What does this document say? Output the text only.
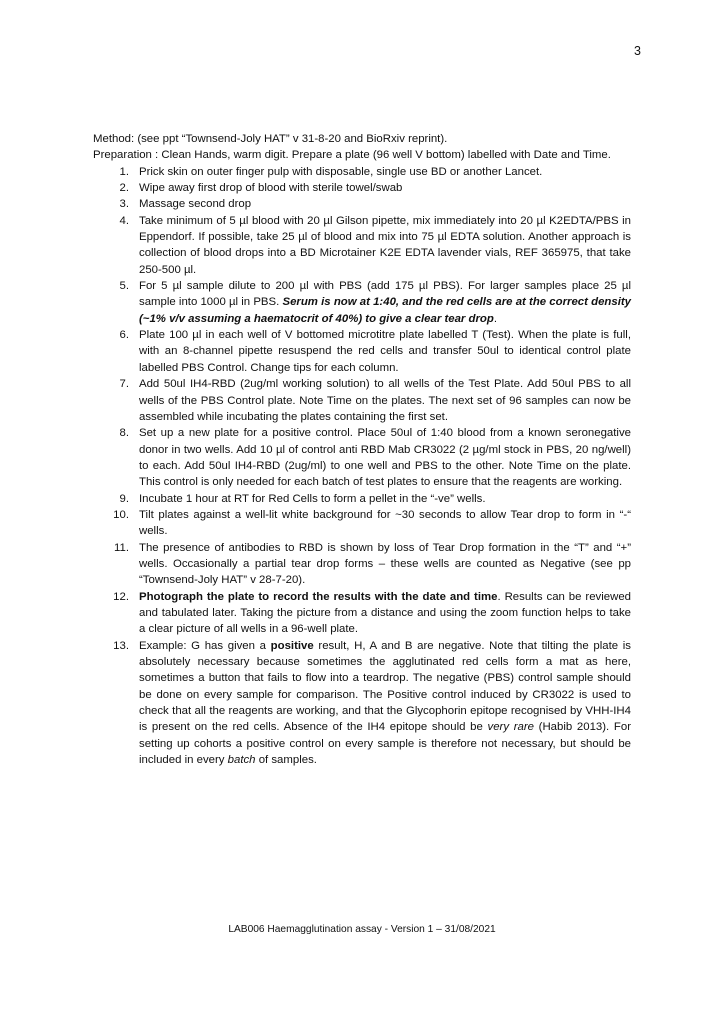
3

Method: (see ppt “Townsend-Joly HAT” v 31-8-20 and BioRxiv reprint).

Preparation : Clean Hands, warm digit. Prepare a plate (96 well V bottom) labelled with Date and Time.

1. Prick skin on outer finger pulp with disposable, single use BD or another Lancet.
2. Wipe away first drop of blood with sterile towel/swab
3. Massage second drop
4. Take minimum of 5 µl blood with 20 µl Gilson pipette, mix immediately into 20 µl K2EDTA/PBS in Eppendorf. If possible, take 25 µl of blood and mix into 75 µl EDTA solution. Another approach is collection of blood drops into a BD Microtainer K2E EDTA lavender vials, REF 365975, that take 250-500 µl.
5. For 5 µl sample dilute to 200 µl with PBS (add 175 µl PBS). For larger samples place 25 µl sample into 1000 µl in PBS. Serum is now at 1:40, and the red cells are at the correct density (~1% v/v assuming a haematocrit of 40%) to give a clear tear drop.
6. Plate 100 µl in each well of V bottomed microtitre plate labelled T (Test). When the plate is full, with an 8-channel pipette resuspend the red cells and transfer 50ul to identical control plate labelled PBS Control. Change tips for each column.
7. Add 50ul IH4-RBD (2ug/ml working solution) to all wells of the Test Plate. Add 50ul PBS to all wells of the PBS Control plate. Note Time on the plates. The next set of 96 samples can now be assembled while incubating the plates containing the first set.
8. Set up a new plate for a positive control. Place 50ul of 1:40 blood from a known seronegative donor in two wells. Add 10 µl of control anti RBD Mab CR3022 (2 µg/ml stock in PBS, 20 ng/well) to each. Add 50ul IH4-RBD (2ug/ml) to one well and PBS to the other. Note Time on the plate. This control is only needed for each batch of test plates to ensure that the reagents are working.
9. Incubate 1 hour at RT for Red Cells to form a pellet in the “-ve” wells.
10. Tilt plates against a well-lit white background for ~30 seconds to allow Tear drop to form in “-“ wells.
11. The presence of antibodies to RBD is shown by loss of Tear Drop formation in the “T” and “+” wells. Occasionally a partial tear drop forms – these wells are counted as Negative (see pp “Townsend-Joly HAT” v 28-7-20).
12. Photograph the plate to record the results with the date and time. Results can be reviewed and tabulated later. Taking the picture from a distance and using the zoom function helps to take a clear picture of all wells in a 96-well plate.
13. Example: G has given a positive result, H, A and B are negative. Note that tilting the plate is absolutely necessary because sometimes the agglutinated red cells form a mat as here, sometimes a button that fails to flow into a teardrop. The negative (PBS) control sample should be done on every sample for comparison. The Positive control induced by CR3022 is used to check that all the reagents are working, and that the Glycophorin epitope recognised by VHH-IH4 is present on the red cells. Absence of the IH4 epitope should be very rare (Habib 2013). For setting up cohorts a positive control on every sample is therefore not necessary, but should be included in every batch of samples.
LAB006 Haemagglutination assay - Version 1 – 31/08/2021
